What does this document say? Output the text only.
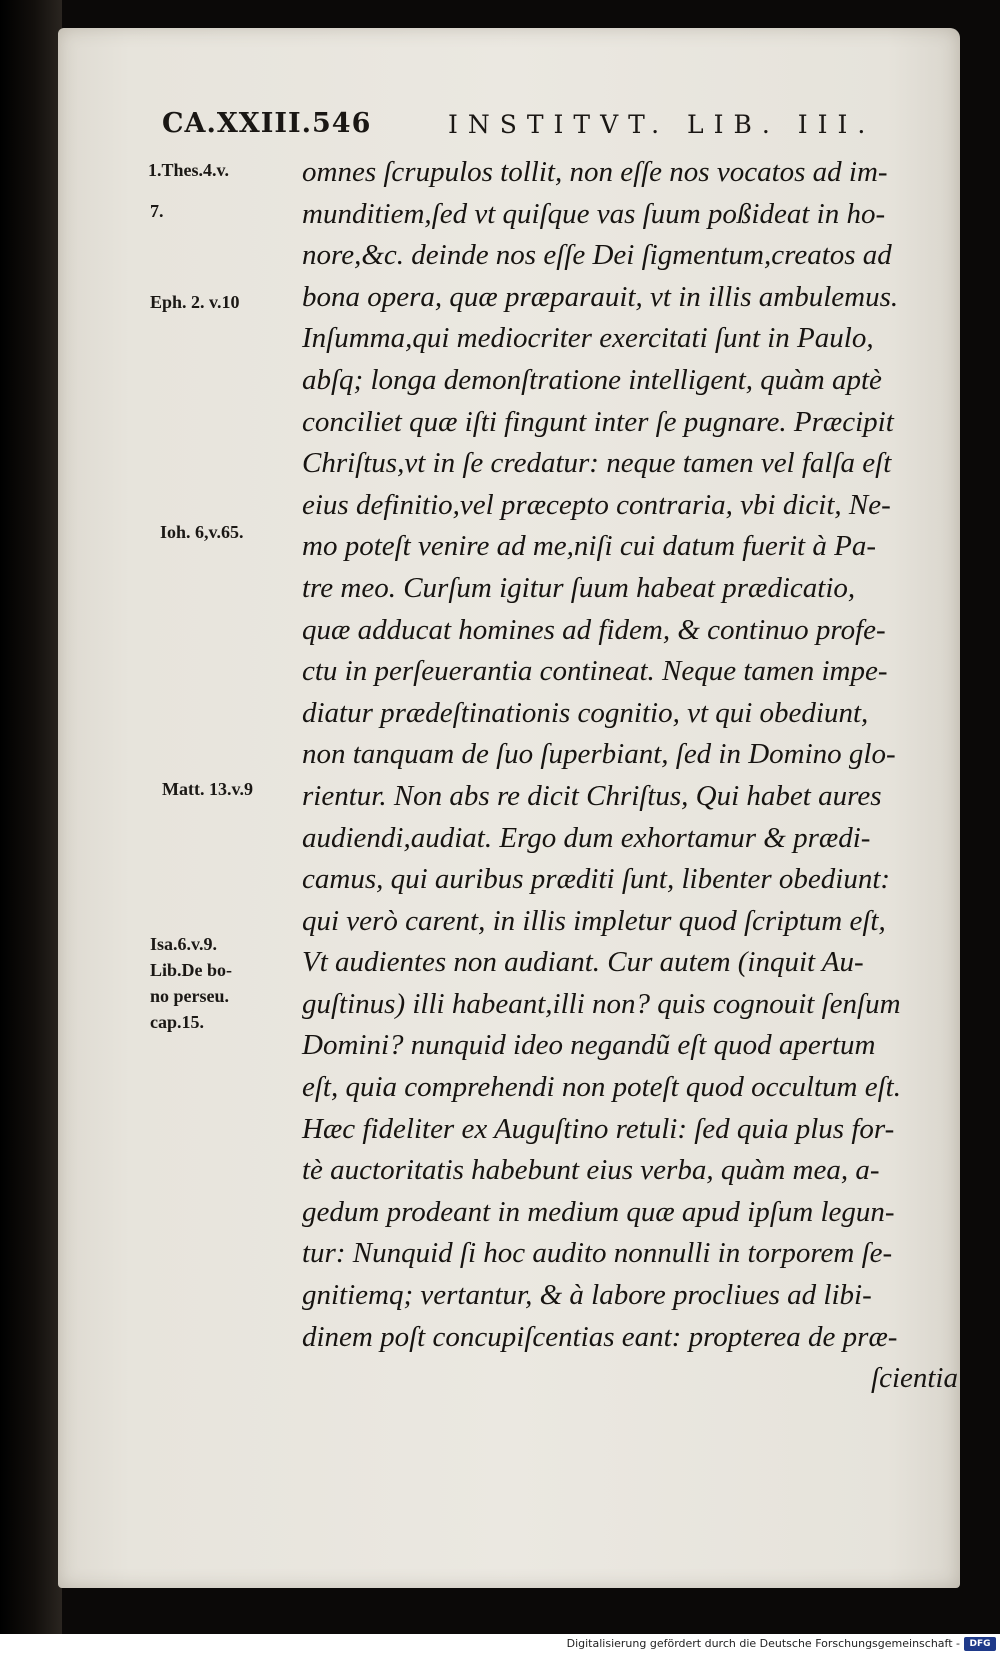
CA.XXIII.546	INSTITVT. LIB. III.
1.Thes.4.v.
7.
Eph. 2. v.10
Ioh. 6,v.65.
Matt. 13.v.9
Isa.6.v.9.
Lib.De bo-
no perseu.
cap.15.
omnes ſcrupulos tollit, non eſſe nos vocatos ad im-
munditiem,ſed vt quiſque vas ſuum poßideat in ho-
nore,&c. deinde nos eſſe Dei ſigmentum,creatos ad
bona opera, quæ præparauit, vt in illis ambulemus.
Inſumma,qui mediocriter exercitati ſunt in Paulo,
abſq; longa demonſtratione intelligent, quàm aptè
conciliet quæ iſti fingunt inter ſe pugnare. Præcipit
Chriſtus,vt in ſe credatur: neque tamen vel falſa eſt
eius definitio,vel præcepto contraria, vbi dicit, Ne-
mo poteſt venire ad me,niſi cui datum fuerit à Pa-
tre meo. Curſum igitur ſuum habeat prædicatio,
quæ adducat homines ad fidem, & continuo profe-
ctu in perſeuerantia contineat. Neque tamen impe-
diatur prædeſtinationis cognitio, vt qui obediunt,
non tanquam de ſuo ſuperbiant, ſed in Domino glo-
rientur. Non abs re dicit Chriſtus, Qui habet aures
audiendi,audiat. Ergo dum exhortamur & prædi-
camus, qui auribus præditi ſunt, libenter obediunt:
qui verò carent, in illis impletur quod ſcriptum eſt,
Vt audientes non audiant. Cur autem (inquit Au-
guſtinus) illi habeant,illi non? quis cognouit ſenſum
Domini? nunquid ideo negandũ eſt quod apertum
eſt, quia comprehendi non poteſt quod occultum eſt.
Hæc fideliter ex Auguſtino retuli: ſed quia plus for-
tè auctoritatis habebunt eius verba, quàm mea, a-
gedum prodeant in medium quæ apud ipſum legun-
tur: Nunquid ſi hoc audito nonnulli in torporem ſe-
gnitiemq; vertantur, & à labore procliues ad libi-
dinem poſt concupiſcentias eant: propterea de præ-
ſcientia
Digitalisierung gefördert durch die Deutsche Forschungsgemeinschaft -	DFG
